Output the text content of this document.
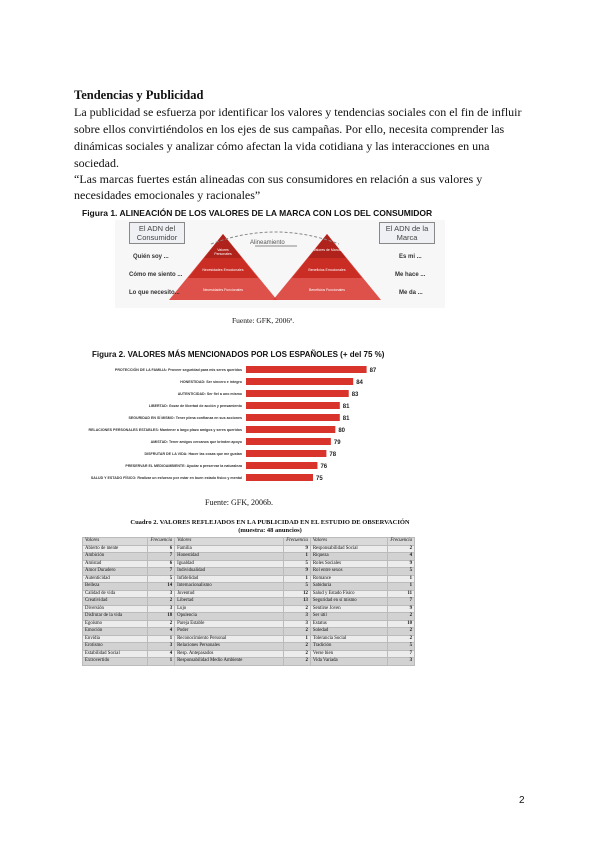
Tendencias y Publicidad
La publicidad se esfuerza por identificar los valores y tendencias sociales con el fin de influir sobre ellos convirtiéndolos en los ejes de sus campañas. Por ello, necesita comprender las dinámicas sociales y analizar cómo afectan la vida cotidiana y las interacciones en una sociedad.
“Las marcas fuertes están alineadas con sus consumidores en relación a sus valores y necesidades emocionales y racionales”
Figura 1. ALINEACIÓN DE LOS VALORES DE LA MARCA CON LOS DEL CONSUMIDOR
El ADN del Consumidor
El ADN de la Marca
Alineamiento
Quién soy ...
Cómo me siento ...
Lo que necesito...
Es mi ...
Me hace ...
Me da ...
Valores Personales
Necesidades Emocionales
Necesidades Funcionales
Valores de Marca
Beneficios Emocionales
Beneficios Funcionales
Fuente: GFK, 2006ª.
Figura 2. VALORES MÁS MENCIONADOS POR LOS ESPAÑOLES (+ del 75 %)
PROTECCIÓN DE LA FAMILIA: Proveer seguridad para mis seres queridos	87
HONESTIDAD: Ser sincero e íntegro	84
AUTENTICIDAD: Ser fiel a uno mismo	83
LIBERTAD: Gozar de libertad de acción y pensamiento	81
SEGURIDAD EN SÍ MISMO: Tener plena confianza en sus acciones	81
RELACIONES PERSONALES ESTABLES: Mantener a largo plazo amigos y seres queridos	80
AMISTAD: Tener amigos cercanos que brinden apoyo	79
DISFRUTAR DE LA VIDA: Hacer las cosas que me gustan	78
PRESERVAR EL MEDIOAMBIENTE: Ayudar a preservar la naturaleza	76
SALUD Y ESTADO FÍSICO: Realizar un esfuerzo por estar en buen estado físico y mental	75
Fuente: GFK, 2006b.
Cuadro 2. VALORES REFLEJADOS EN LA PUBLICIDAD EN EL ESTUDIO DE OBSERVACIÓN
(muestra: 48 anuncios)
Valores	Frecuencia	Valores	Frecuencia	Valores	Frecuencia
Abierto de mente	6	Familia	9	Responsabilidad Social	2
Ambición	7	Honestidad	1	Riqueza	4
Amistad	6	Igualdad	5	Roles Sociales	9
Amor Duradero	7	Individualidad	9	Rol entre sexos	5
Autenticidad	5	Infidelidad	1	Romance	1
Belleza	14	Internacionalismo	5	Sabiduría	1
Calidad de vida	3	Juventud	12	Salud y Estado Físico	11
Creatividad	2	Libertad	13	Seguridad en sí mismo	7
Diversión	3	Lujo	2	Sentirse Joven	9
Disfrutar de la vida	18	Opulencia	3	Ser útil	2
Egoísmo	2	Pareja Estable	3	Estatus	10
Emoción	4	Poder	2	Soledad	2
Envidia	1	Reconocimiento Personal	1	Tolerancia Social	2
Erotismo	3	Relaciones Personales	2	Tradición	5
Estabilidad Social	4	Resp. Antepasados	2	Verse bien	7
Extrovertido	1	Responsabilidad Medio Ambiente	2	Vida Variada	3
2
